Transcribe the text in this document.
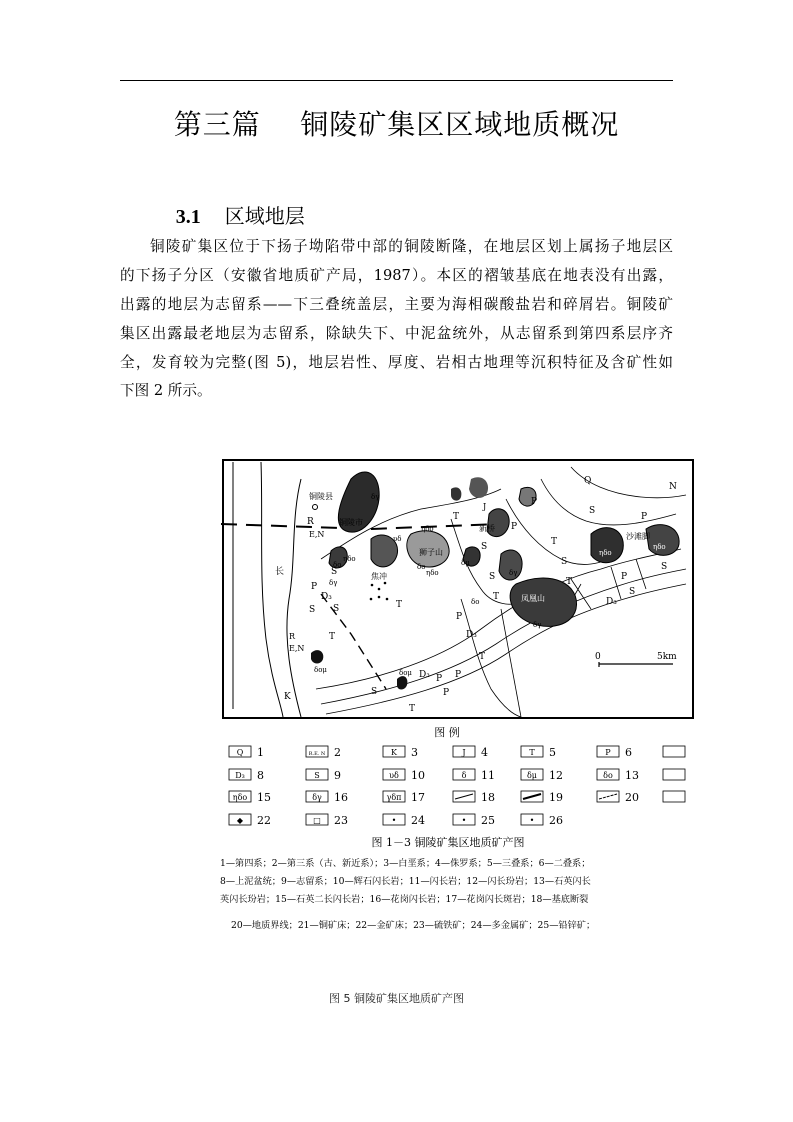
第三篇    铜陵矿集区区域地质概况

3.1 区域地层

铜陵矿集区位于下扬子坳陷带中部的铜陵断隆，在地层区划上属扬子地层区
的下扬子分区（安徽省地质矿产局，1987）。本区的褶皱基底在地表没有出露，
出露的地层为志留系——下三叠统盖层，主要为海相碳酸盐岩和碎屑岩。铜陵矿
集区出露最老地层为志留系，除缺失下、中泥盆统外，从志留系到第四系层序齐
全，发育较为完整(图 5)，地层岩性、厚度、岩相古地理等沉积特征及含矿性如
下图 2 所示。
铜陵县
铜陵市
狮子山
焦冲
新桥
凤凰山
沙滩脚
长
Q
N
R
E,N
R
E,N
δγ
υδ
ηδο
δο
ηδο
δμ
ηδο
δο
δγ
δομ	δομ
δο
δγ
ηδο
ηδο
δγ
J
K
S
P
D₃
S S
S
T
T
T
T
D₃ P P
P
P
D₃
T
S
S
T
P
P
T
S
T
S
P
S
D₃
S
P
0	5km
图 例
Q 1	R.E. N 2	K 3	J 4	T 5	P 6
D₃ 8	S 9	υδ 10	δ 11	δμ 12	δο 13
ηδο 15	δγ 16	γδπ 17	18	19	20
◆ 22	□ 23	• 24	• 25	• 26
图 1－3 铜陵矿集区地质矿产图
1—第四系；2—第三系（古、新近系）；3—白垩系；4—侏罗系；5—三叠系；6—二叠系；
8—上泥盆统；9—志留系；10—辉石闪长岩；11—闪长岩；12—闪长玢岩；13—石英闪长
英闪长玢岩；15—石英二长闪长岩；16—花岗闪长岩；17—花岗闪长斑岩；18—基底断裂
20—地质界线；21—铜矿床；22—金矿床；23—硫铁矿；24—多金属矿；25—铅锌矿；
图 5 铜陵矿集区地质矿产图
